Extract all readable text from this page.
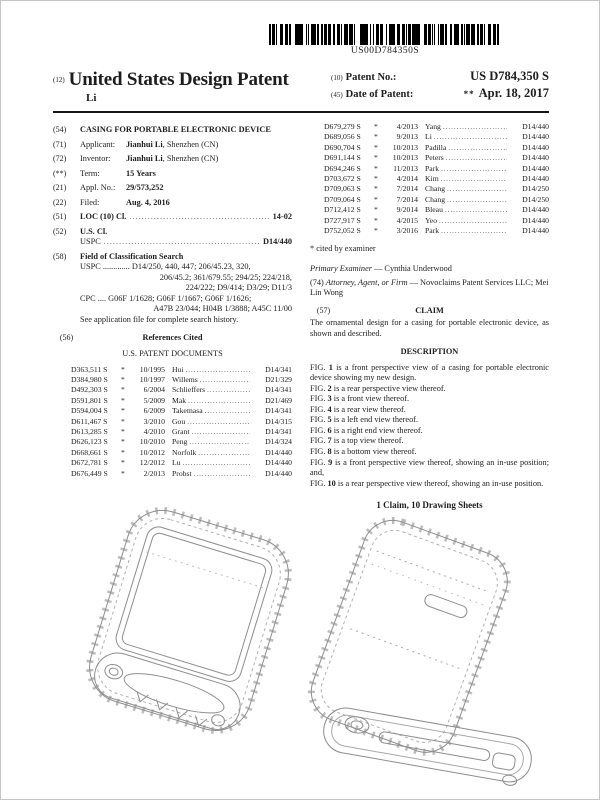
US00D784350S
(12) United States Design Patent
Li
(10) Patent No.:	US D784,350 S
(45) Date of Patent:	** Apr. 18, 2017
(54)	CASING FOR PORTABLE ELECTRONIC DEVICE
(71)	Applicant: Jianhui Li, Shenzhen (CN)
(72)	Inventor: Jianhui Li, Shenzhen (CN)
(**)	Term:	15 Years
(21)	Appl. No.: 29/573,252
(22)	Filed:	Aug. 4, 2016
(51)	LOC (10) Cl. .....	14-02
(52)	U.S. Cl.
USPC .....	D14/440
(58)	Field of Classification Search
USPC ............. D14/250, 440, 447; 206/45.23, 320,
206/45.2; 361/679.55; 294/25; 224/218,
224/222; D9/414; D3/29; D11/3
CPC .... G06F 1/1628; G06F 1/1667; G06F 1/1626;
A47B 23/044; H04B 1/3888; A45C 11/00
See application file for complete search history.
(56)	References Cited
U.S. PATENT DOCUMENTS
D363,511 S	*	10/1995 Hui .....	D14/341
D384,980 S	*	10/1997 Willems .....	D21/329
D492,303 S	*	6/2004 Schlieffers .....	D14/341
D591,801 S	*	5/2009 Mak .....	D21/469
D594,004 S	*	6/2009 Takemasa .....	D14/341
D611,467 S	*	3/2010 Gou .....	D14/315
D613,285 S	*	4/2010 Grant .....	D14/341
D626,123 S	*	10/2010 Peng .....	D14/324
D668,661 S	*	10/2012 Norfolk .....	D14/440
D672,781 S	*	12/2012 Lu .....	D14/440
D676,449 S	*	2/2013 Probst .....	D14/440
D679,279 S	*	4/2013 Yang .....	D14/440
D689,056 S	*	9/2013 Li .....	D14/440
D690,704 S	*	10/2013 Padilla .....	D14/440
D691,144 S	*	10/2013 Peters .....	D14/440
D694,246 S	*	11/2013 Park .....	D14/440
D703,672 S	*	4/2014 Kim .....	D14/440
D709,063 S	*	7/2014 Chang .....	D14/250
D709,064 S	*	7/2014 Chang .....	D14/250
D712,412 S	*	9/2014 Bleau .....	D14/440
D727,917 S	*	4/2015 Yeo .....	D14/440
D752,052 S	*	3/2016 Park .....	D14/440
* cited by examiner
Primary Examiner — Cynthia Underwood
(74) Attorney, Agent, or Firm — Novoclaims Patent Services LLC; Mei Lin Wong
(57)	CLAIM
The ornamental design for a casing for portable electronic device, as shown and described.
DESCRIPTION

FIG. 1 is a front perspective view of a casing for portable electronic device showing my new design.

FIG. 2 is a rear perspective view thereof.

FIG. 3 is a front view thereof.

FIG. 4 is a rear view thereof.

FIG. 5 is a left end view thereof.

FIG. 6 is a right end view thereof.

FIG. 7 is a top view thereof.

FIG. 8 is a bottom view thereof.

FIG. 9 is a front perspective view thereof, showing an in-use position; and,

FIG. 10 is a rear perspective view thereof, showing an in-use position.

1 Claim, 10 Drawing Sheets
